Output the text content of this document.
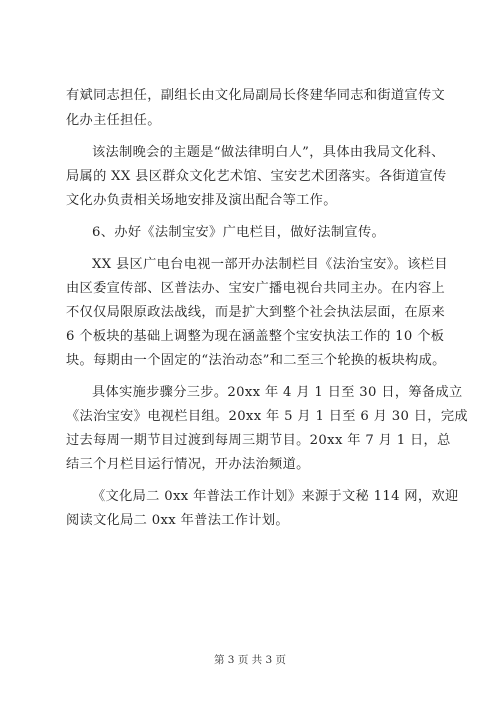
有斌同志担任，副组长由文化局副局长佟建华同志和街道宣传文
化办主任担任。
该法制晚会的主题是“做法律明白人”，具体由我局文化科、
局属的 XX 县区群众文化艺术馆、宝安艺术团落实。各街道宣传
文化办负责相关场地安排及演出配合等工作。
6、办好《法制宝安》广电栏目，做好法制宣传。
XX 县区广电台电视一部开办法制栏目《法治宝安》。该栏目
由区委宣传部、区普法办、宝安广播电视台共同主办。在内容上
不仅仅局限原政法战线，而是扩大到整个社会执法层面，在原来
6 个板块的基础上调整为现在涵盖整个宝安执法工作的 10 个板
块。每期由一个固定的“法治动态”和二至三个轮换的板块构成。
具体实施步骤分三步。20xx 年 4 月 1 日至 30 日，筹备成立
《法治宝安》电视栏目组。20xx 年 5 月 1 日至 6 月 30 日，完成
过去每周一期节目过渡到每周三期节目。20xx 年 7 月 1 日，总
结三个月栏目运行情况，开办法治频道。
《文化局二 0xx 年普法工作计划》来源于文秘 114 网，欢迎
阅读文化局二 0xx 年普法工作计划。
第 3 页 共 3 页
